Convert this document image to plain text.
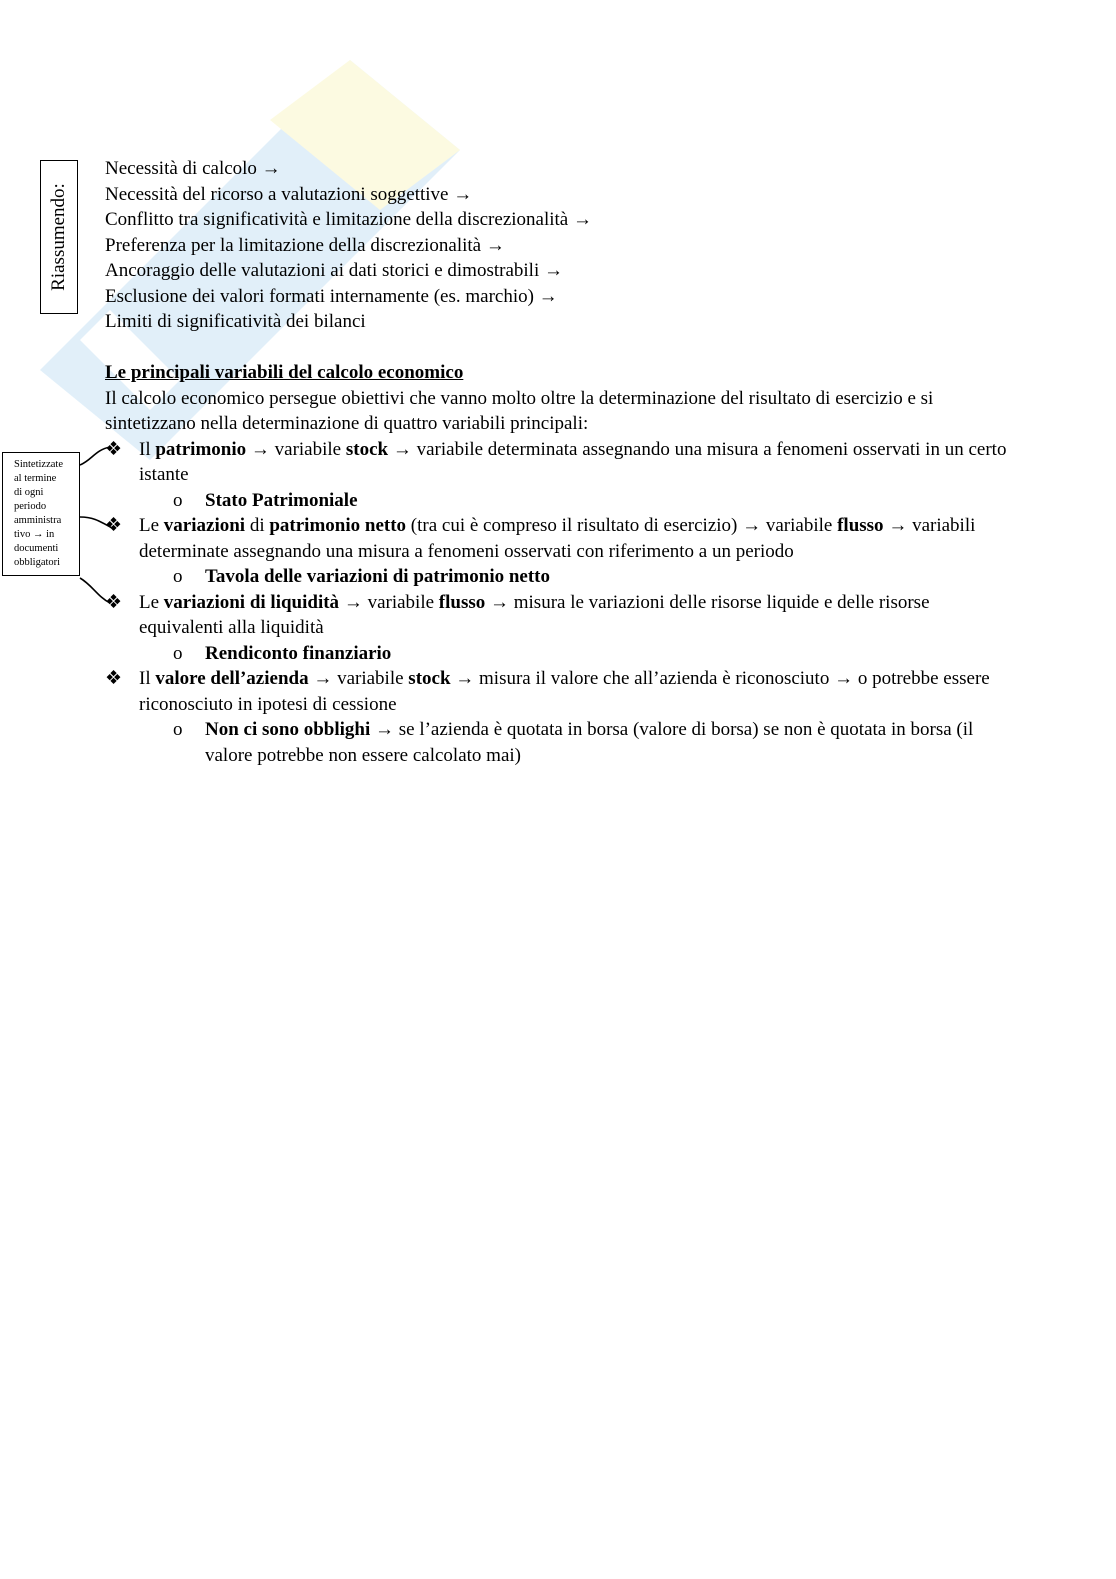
Riassumendo:
Necessità di calcolo →
Necessità del ricorso a valutazioni soggettive →
Conflitto tra significatività e limitazione della discrezionalità →
Preferenza per la limitazione della discrezionalità →
Ancoraggio delle valutazioni ai dati storici e dimostrabili →
Esclusione dei valori formati internamente (es. marchio) →
Limiti di significatività dei bilanci
Le principali variabili del calcolo economico
Il calcolo economico persegue obiettivi che vanno molto oltre la determinazione del risultato di esercizio e si sintetizzano nella determinazione di quattro variabili principali:
❖ Il patrimonio → variabile stock → variabile determinata assegnando una misura a fenomeni osservati in un certo istante
o Stato Patrimoniale
❖ Le variazioni di patrimonio netto (tra cui è compreso il risultato di esercizio) → variabile flusso → variabili determinate assegnando una misura a fenomeni osservati con riferimento a un periodo
o Tavola delle variazioni di patrimonio netto
❖ Le variazioni di liquidità → variabile flusso → misura le variazioni delle risorse liquide e delle risorse equivalenti alla liquidità
o Rendiconto finanziario
❖ Il valore dell’azienda → variabile stock → misura il valore che all’azienda è riconosciuto → o potrebbe essere riconosciuto in ipotesi di cessione
o Non ci sono obblighi → se l’azienda è quotata in borsa (valore di borsa) se non è quotata in borsa (il valore potrebbe non essere calcolato mai)
Sintetizzate
al termine
di ogni
periodo
amministra
tivo → in
documenti
obbligatori
